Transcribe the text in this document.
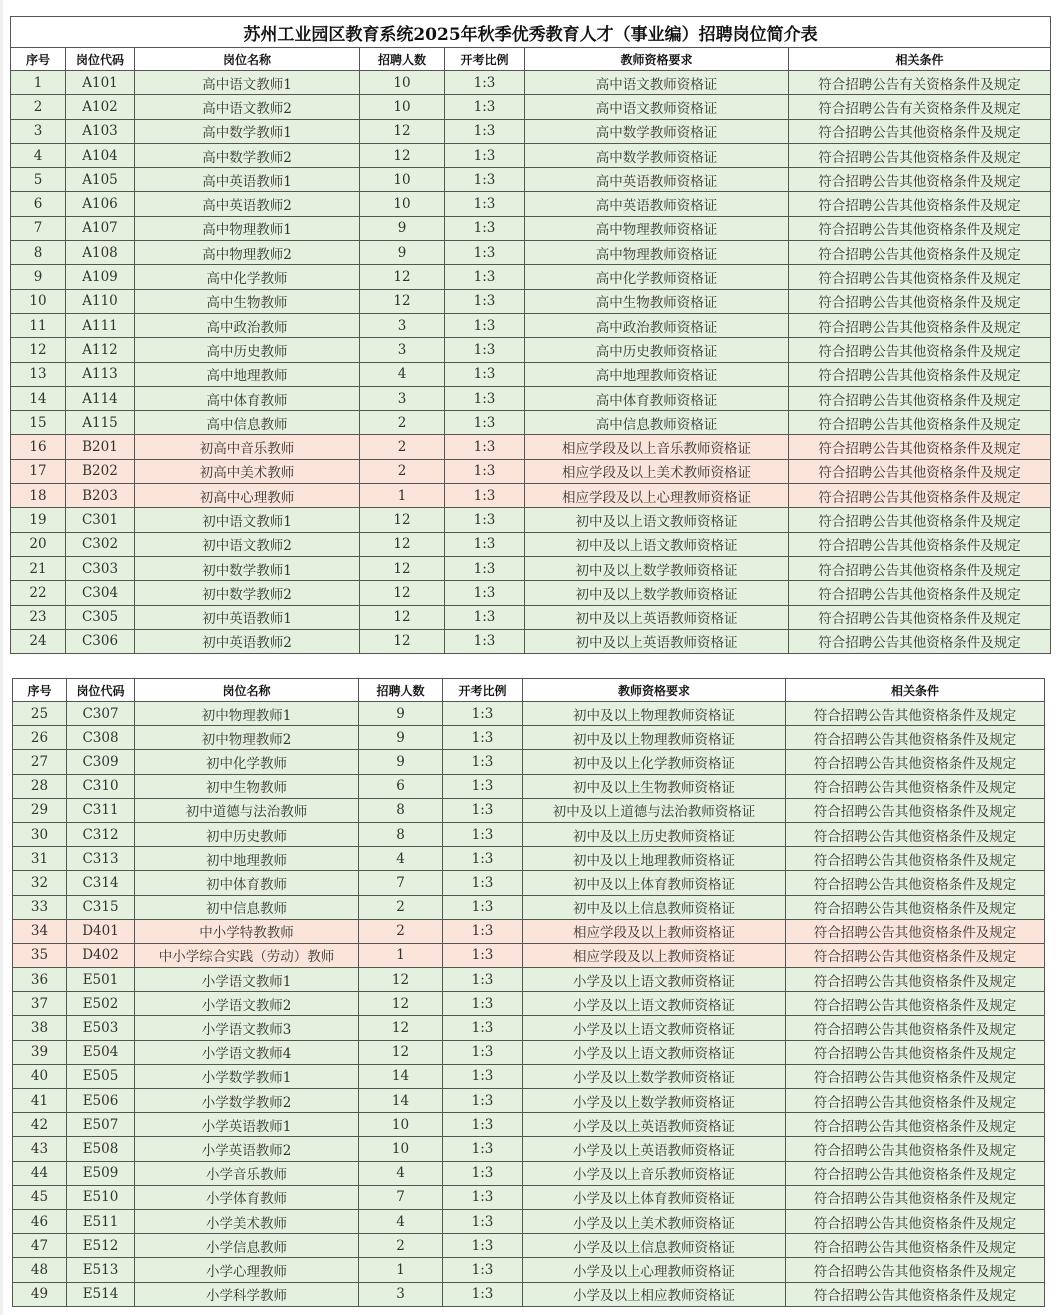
苏州工业园区教育系统2025年秋季优秀教育人才（事业编）招聘岗位简介表						
序号	岗位代码	岗位名称	招聘人数	开考比例	教师资格要求	相关条件
1	A101	高中语文教师1	10	1:3	高中语文教师资格证	符合招聘公告有关资格条件及规定
2	A102	高中语文教师2	10	1:3	高中语文教师资格证	符合招聘公告有关资格条件及规定
3	A103	高中数学教师1	12	1:3	高中数学教师资格证	符合招聘公告其他资格条件及规定
4	A104	高中数学教师2	12	1:3	高中数学教师资格证	符合招聘公告其他资格条件及规定
5	A105	高中英语教师1	10	1:3	高中英语教师资格证	符合招聘公告其他资格条件及规定
6	A106	高中英语教师2	10	1:3	高中英语教师资格证	符合招聘公告其他资格条件及规定
7	A107	高中物理教师1	9	1:3	高中物理教师资格证	符合招聘公告其他资格条件及规定
8	A108	高中物理教师2	9	1:3	高中物理教师资格证	符合招聘公告其他资格条件及规定
9	A109	高中化学教师	12	1:3	高中化学教师资格证	符合招聘公告其他资格条件及规定
10	A110	高中生物教师	12	1:3	高中生物教师资格证	符合招聘公告其他资格条件及规定
11	A111	高中政治教师	3	1:3	高中政治教师资格证	符合招聘公告其他资格条件及规定
12	A112	高中历史教师	3	1:3	高中历史教师资格证	符合招聘公告其他资格条件及规定
13	A113	高中地理教师	4	1:3	高中地理教师资格证	符合招聘公告其他资格条件及规定
14	A114	高中体育教师	3	1:3	高中体育教师资格证	符合招聘公告其他资格条件及规定
15	A115	高中信息教师	2	1:3	高中信息教师资格证	符合招聘公告其他资格条件及规定
16	B201	初高中音乐教师	2	1:3	相应学段及以上音乐教师资格证	符合招聘公告其他资格条件及规定
17	B202	初高中美术教师	2	1:3	相应学段及以上美术教师资格证	符合招聘公告其他资格条件及规定
18	B203	初高中心理教师	1	1:3	相应学段及以上心理教师资格证	符合招聘公告其他资格条件及规定
19	C301	初中语文教师1	12	1:3	初中及以上语文教师资格证	符合招聘公告其他资格条件及规定
20	C302	初中语文教师2	12	1:3	初中及以上语文教师资格证	符合招聘公告其他资格条件及规定
21	C303	初中数学教师1	12	1:3	初中及以上数学教师资格证	符合招聘公告其他资格条件及规定
22	C304	初中数学教师2	12	1:3	初中及以上数学教师资格证	符合招聘公告其他资格条件及规定
23	C305	初中英语教师1	12	1:3	初中及以上英语教师资格证	符合招聘公告其他资格条件及规定
24	C306	初中英语教师2	12	1:3	初中及以上英语教师资格证	符合招聘公告其他资格条件及规定
序号	岗位代码	岗位名称	招聘人数	开考比例	教师资格要求	相关条件
25	C307	初中物理教师1	9	1:3	初中及以上物理教师资格证	符合招聘公告其他资格条件及规定
26	C308	初中物理教师2	9	1:3	初中及以上物理教师资格证	符合招聘公告其他资格条件及规定
27	C309	初中化学教师	9	1:3	初中及以上化学教师资格证	符合招聘公告其他资格条件及规定
28	C310	初中生物教师	6	1:3	初中及以上生物教师资格证	符合招聘公告其他资格条件及规定
29	C311	初中道德与法治教师	8	1:3	初中及以上道德与法治教师资格证	符合招聘公告其他资格条件及规定
30	C312	初中历史教师	8	1:3	初中及以上历史教师资格证	符合招聘公告其他资格条件及规定
31	C313	初中地理教师	4	1:3	初中及以上地理教师资格证	符合招聘公告其他资格条件及规定
32	C314	初中体育教师	7	1:3	初中及以上体育教师资格证	符合招聘公告其他资格条件及规定
33	C315	初中信息教师	2	1:3	初中及以上信息教师资格证	符合招聘公告其他资格条件及规定
34	D401	中小学特教教师	2	1:3	相应学段及以上教师资格证	符合招聘公告其他资格条件及规定
35	D402	中小学综合实践（劳动）教师	1	1:3	相应学段及以上教师资格证	符合招聘公告其他资格条件及规定
36	E501	小学语文教师1	12	1:3	小学及以上语文教师资格证	符合招聘公告其他资格条件及规定
37	E502	小学语文教师2	12	1:3	小学及以上语文教师资格证	符合招聘公告其他资格条件及规定
38	E503	小学语文教师3	12	1:3	小学及以上语文教师资格证	符合招聘公告其他资格条件及规定
39	E504	小学语文教师4	12	1:3	小学及以上语文教师资格证	符合招聘公告其他资格条件及规定
40	E505	小学数学教师1	14	1:3	小学及以上数学教师资格证	符合招聘公告其他资格条件及规定
41	E506	小学数学教师2	14	1:3	小学及以上数学教师资格证	符合招聘公告其他资格条件及规定
42	E507	小学英语教师1	10	1:3	小学及以上英语教师资格证	符合招聘公告其他资格条件及规定
43	E508	小学英语教师2	10	1:3	小学及以上英语教师资格证	符合招聘公告其他资格条件及规定
44	E509	小学音乐教师	4	1:3	小学及以上音乐教师资格证	符合招聘公告其他资格条件及规定
45	E510	小学体育教师	7	1:3	小学及以上体育教师资格证	符合招聘公告其他资格条件及规定
46	E511	小学美术教师	4	1:3	小学及以上美术教师资格证	符合招聘公告其他资格条件及规定
47	E512	小学信息教师	2	1:3	小学及以上信息教师资格证	符合招聘公告其他资格条件及规定
48	E513	小学心理教师	1	1:3	小学及以上心理教师资格证	符合招聘公告其他资格条件及规定
49	E514	小学科学教师	3	1:3	小学及以上相应教师资格证	符合招聘公告其他资格条件及规定
